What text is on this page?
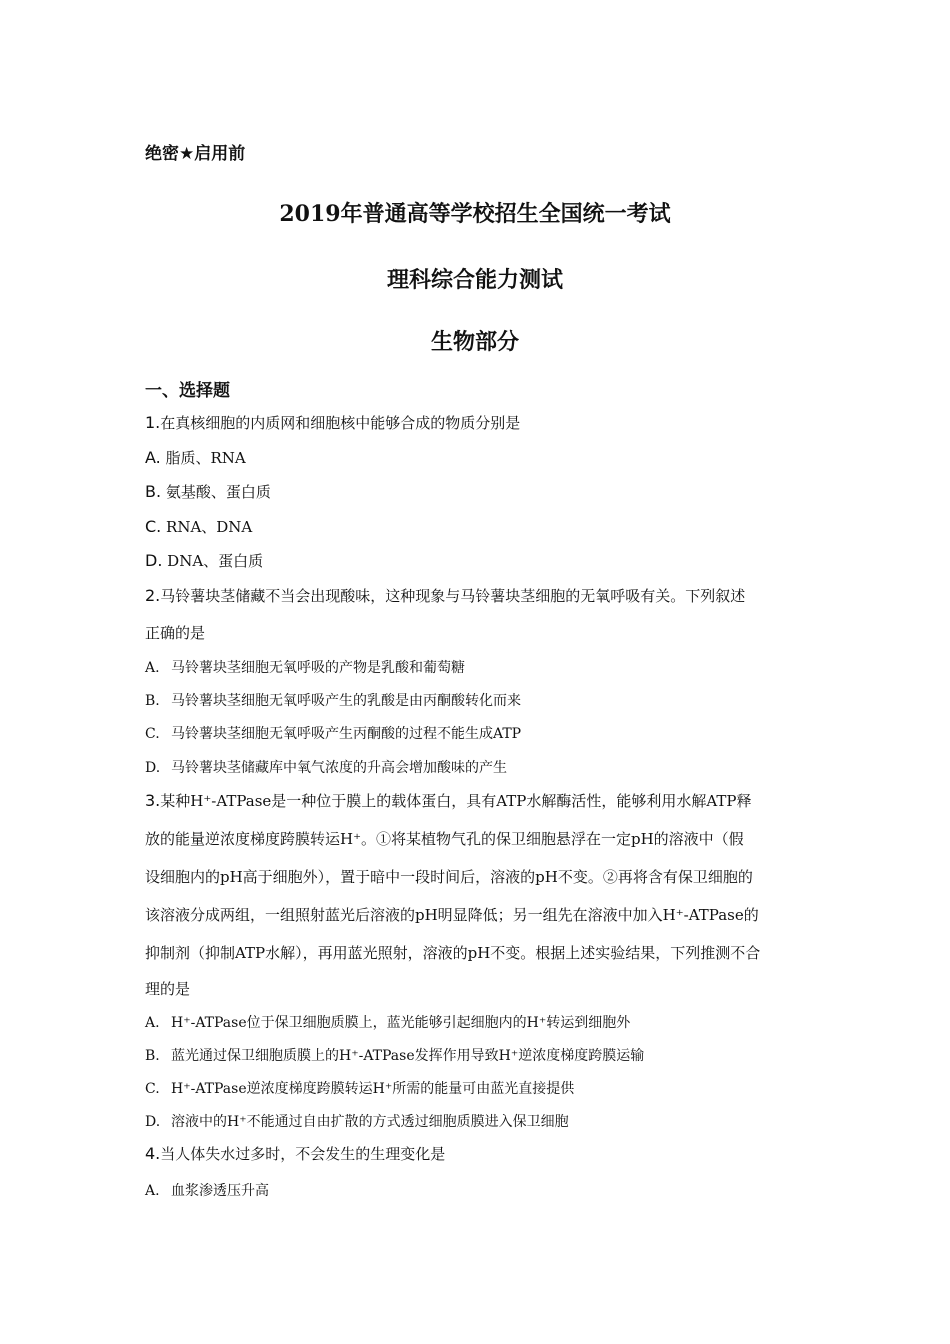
绝密★启用前
2019年普通高等学校招生全国统一考试
理科综合能力测试
生物部分
一、选择题
1.在真核细胞的内质网和细胞核中能够合成的物质分别是
A. 脂质、RNA
B. 氨基酸、蛋白质
C. RNA、DNA
D. DNA、蛋白质
2.马铃薯块茎储藏不当会出现酸味，这种现象与马铃薯块茎细胞的无氧呼吸有关。下列叙述
正确的是
A. 马铃薯块茎细胞无氧呼吸的产物是乳酸和葡萄糖
B. 马铃薯块茎细胞无氧呼吸产生的乳酸是由丙酮酸转化而来
C. 马铃薯块茎细胞无氧呼吸产生丙酮酸的过程不能生成ATP
D. 马铃薯块茎储藏库中氧气浓度的升高会增加酸味的产生
3.某种H⁺-ATPase是一种位于膜上的载体蛋白，具有ATP水解酶活性，能够利用水解ATP释
放的能量逆浓度梯度跨膜转运H⁺。①将某植物气孔的保卫细胞悬浮在一定pH的溶液中（假
设细胞内的pH高于细胞外），置于暗中一段时间后，溶液的pH不变。②再将含有保卫细胞的
该溶液分成两组，一组照射蓝光后溶液的pH明显降低；另一组先在溶液中加入H⁺-ATPase的
抑制剂（抑制ATP水解），再用蓝光照射，溶液的pH不变。根据上述实验结果，下列推测不合
理的是
A. H⁺-ATPase位于保卫细胞质膜上，蓝光能够引起细胞内的H⁺转运到细胞外
B. 蓝光通过保卫细胞质膜上的H⁺-ATPase发挥作用导致H⁺逆浓度梯度跨膜运输
C. H⁺-ATPase逆浓度梯度跨膜转运H⁺所需的能量可由蓝光直接提供
D. 溶液中的H⁺不能通过自由扩散的方式透过细胞质膜进入保卫细胞
4.当人体失水过多时，不会发生的生理变化是
A. 血浆渗透压升高
